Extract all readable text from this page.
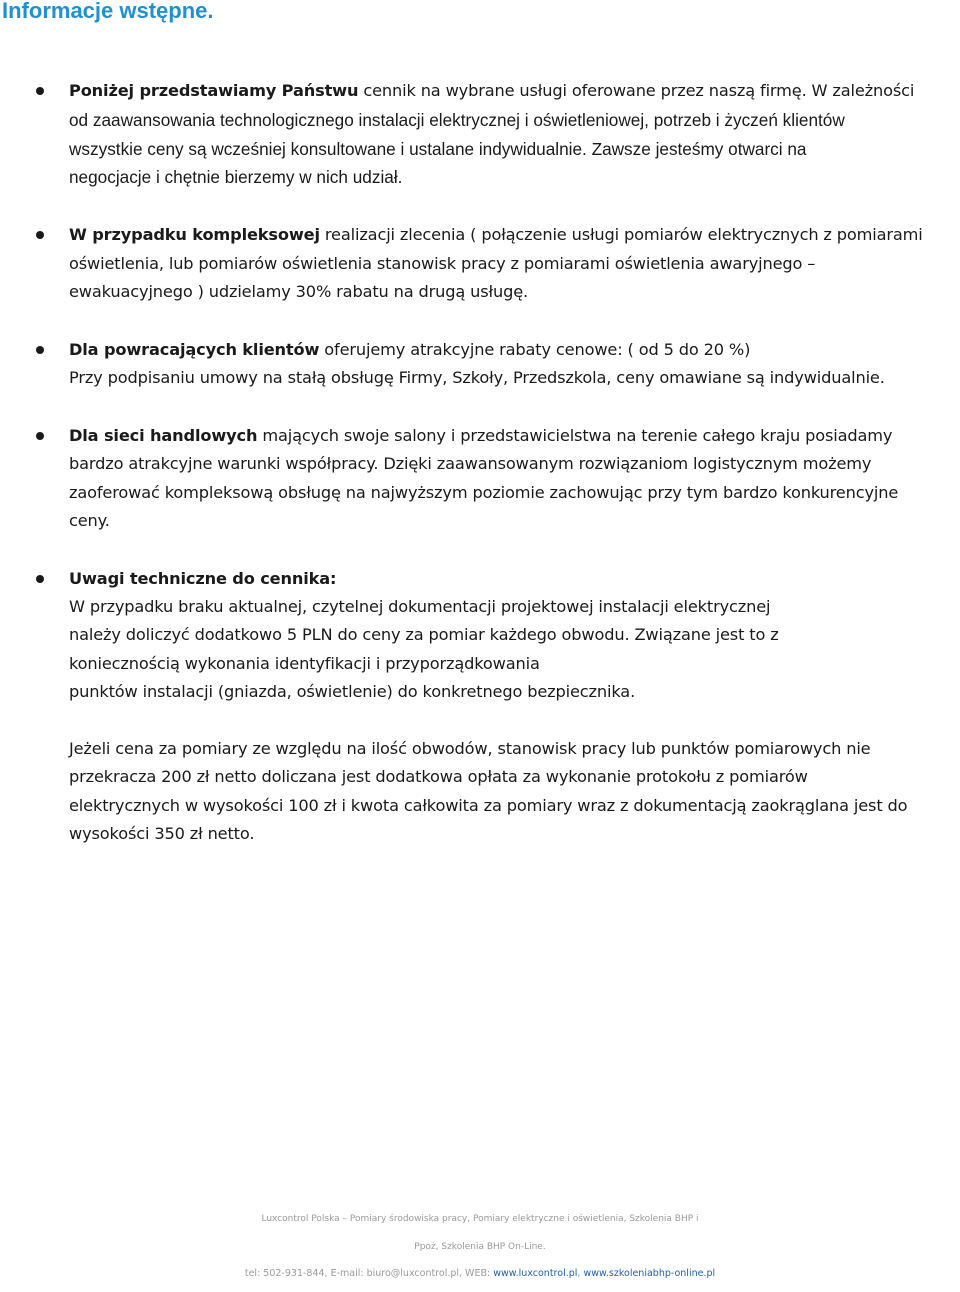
Informacje wstępne.
Poniżej przedstawiamy Państwu cennik na wybrane usługi oferowane przez naszą firmę. W zależności
od zaawansowania technologicznego instalacji elektrycznej i oświetleniowej, potrzeb i życzeń klientów
wszystkie ceny są wcześniej konsultowane i ustalane indywidualnie. Zawsze jesteśmy otwarci na
negocjacje i chętnie bierzemy w nich udział.
W przypadku kompleksowej realizacji zlecenia ( połączenie usługi pomiarów elektrycznych z pomiarami
oświetlenia, lub pomiarów oświetlenia stanowisk pracy z pomiarami oświetlenia awaryjnego –
ewakuacyjnego ) udzielamy 30% rabatu na drugą usługę.
Dla powracających klientów oferujemy atrakcyjne rabaty cenowe: ( od 5 do 20 %)
Przy podpisaniu umowy na stałą obsługę Firmy, Szkoły, Przedszkola, ceny omawiane są indywidualnie.
Dla sieci handlowych mających swoje salony i przedstawicielstwa na terenie całego kraju posiadamy
bardzo atrakcyjne warunki współpracy. Dzięki zaawansowanym rozwiązaniom logistycznym możemy
zaoferować kompleksową obsługę na najwyższym poziomie zachowując przy tym bardzo konkurencyjne
ceny.
Uwagi techniczne do cennika:
W przypadku braku aktualnej, czytelnej dokumentacji projektowej instalacji elektrycznej
należy doliczyć dodatkowo 5 PLN do ceny za pomiar każdego obwodu. Związane jest to z
koniecznością wykonania identyfikacji i przyporządkowania
punktów instalacji (gniazda, oświetlenie) do konkretnego bezpiecznika.
Jeżeli cena za pomiary ze względu na ilość obwodów, stanowisk pracy lub punktów pomiarowych nie
przekracza 200 zł netto doliczana jest dodatkowa opłata za wykonanie protokołu z pomiarów
elektrycznych w wysokości 100 zł i kwota całkowita za pomiary wraz z dokumentacją zaokrąglana jest do
wysokości 350 zł netto.
Luxcontrol Polska – Pomiary środowiska pracy, Pomiary elektryczne i oświetlenia, Szkolenia BHP i
Ppoż, Szkolenia BHP On-Line.
tel: 502-931-844, E-mail: biuro@luxcontrol.pl, WEB: www.luxcontrol.pl, www.szkoleniabhp-online.pl
